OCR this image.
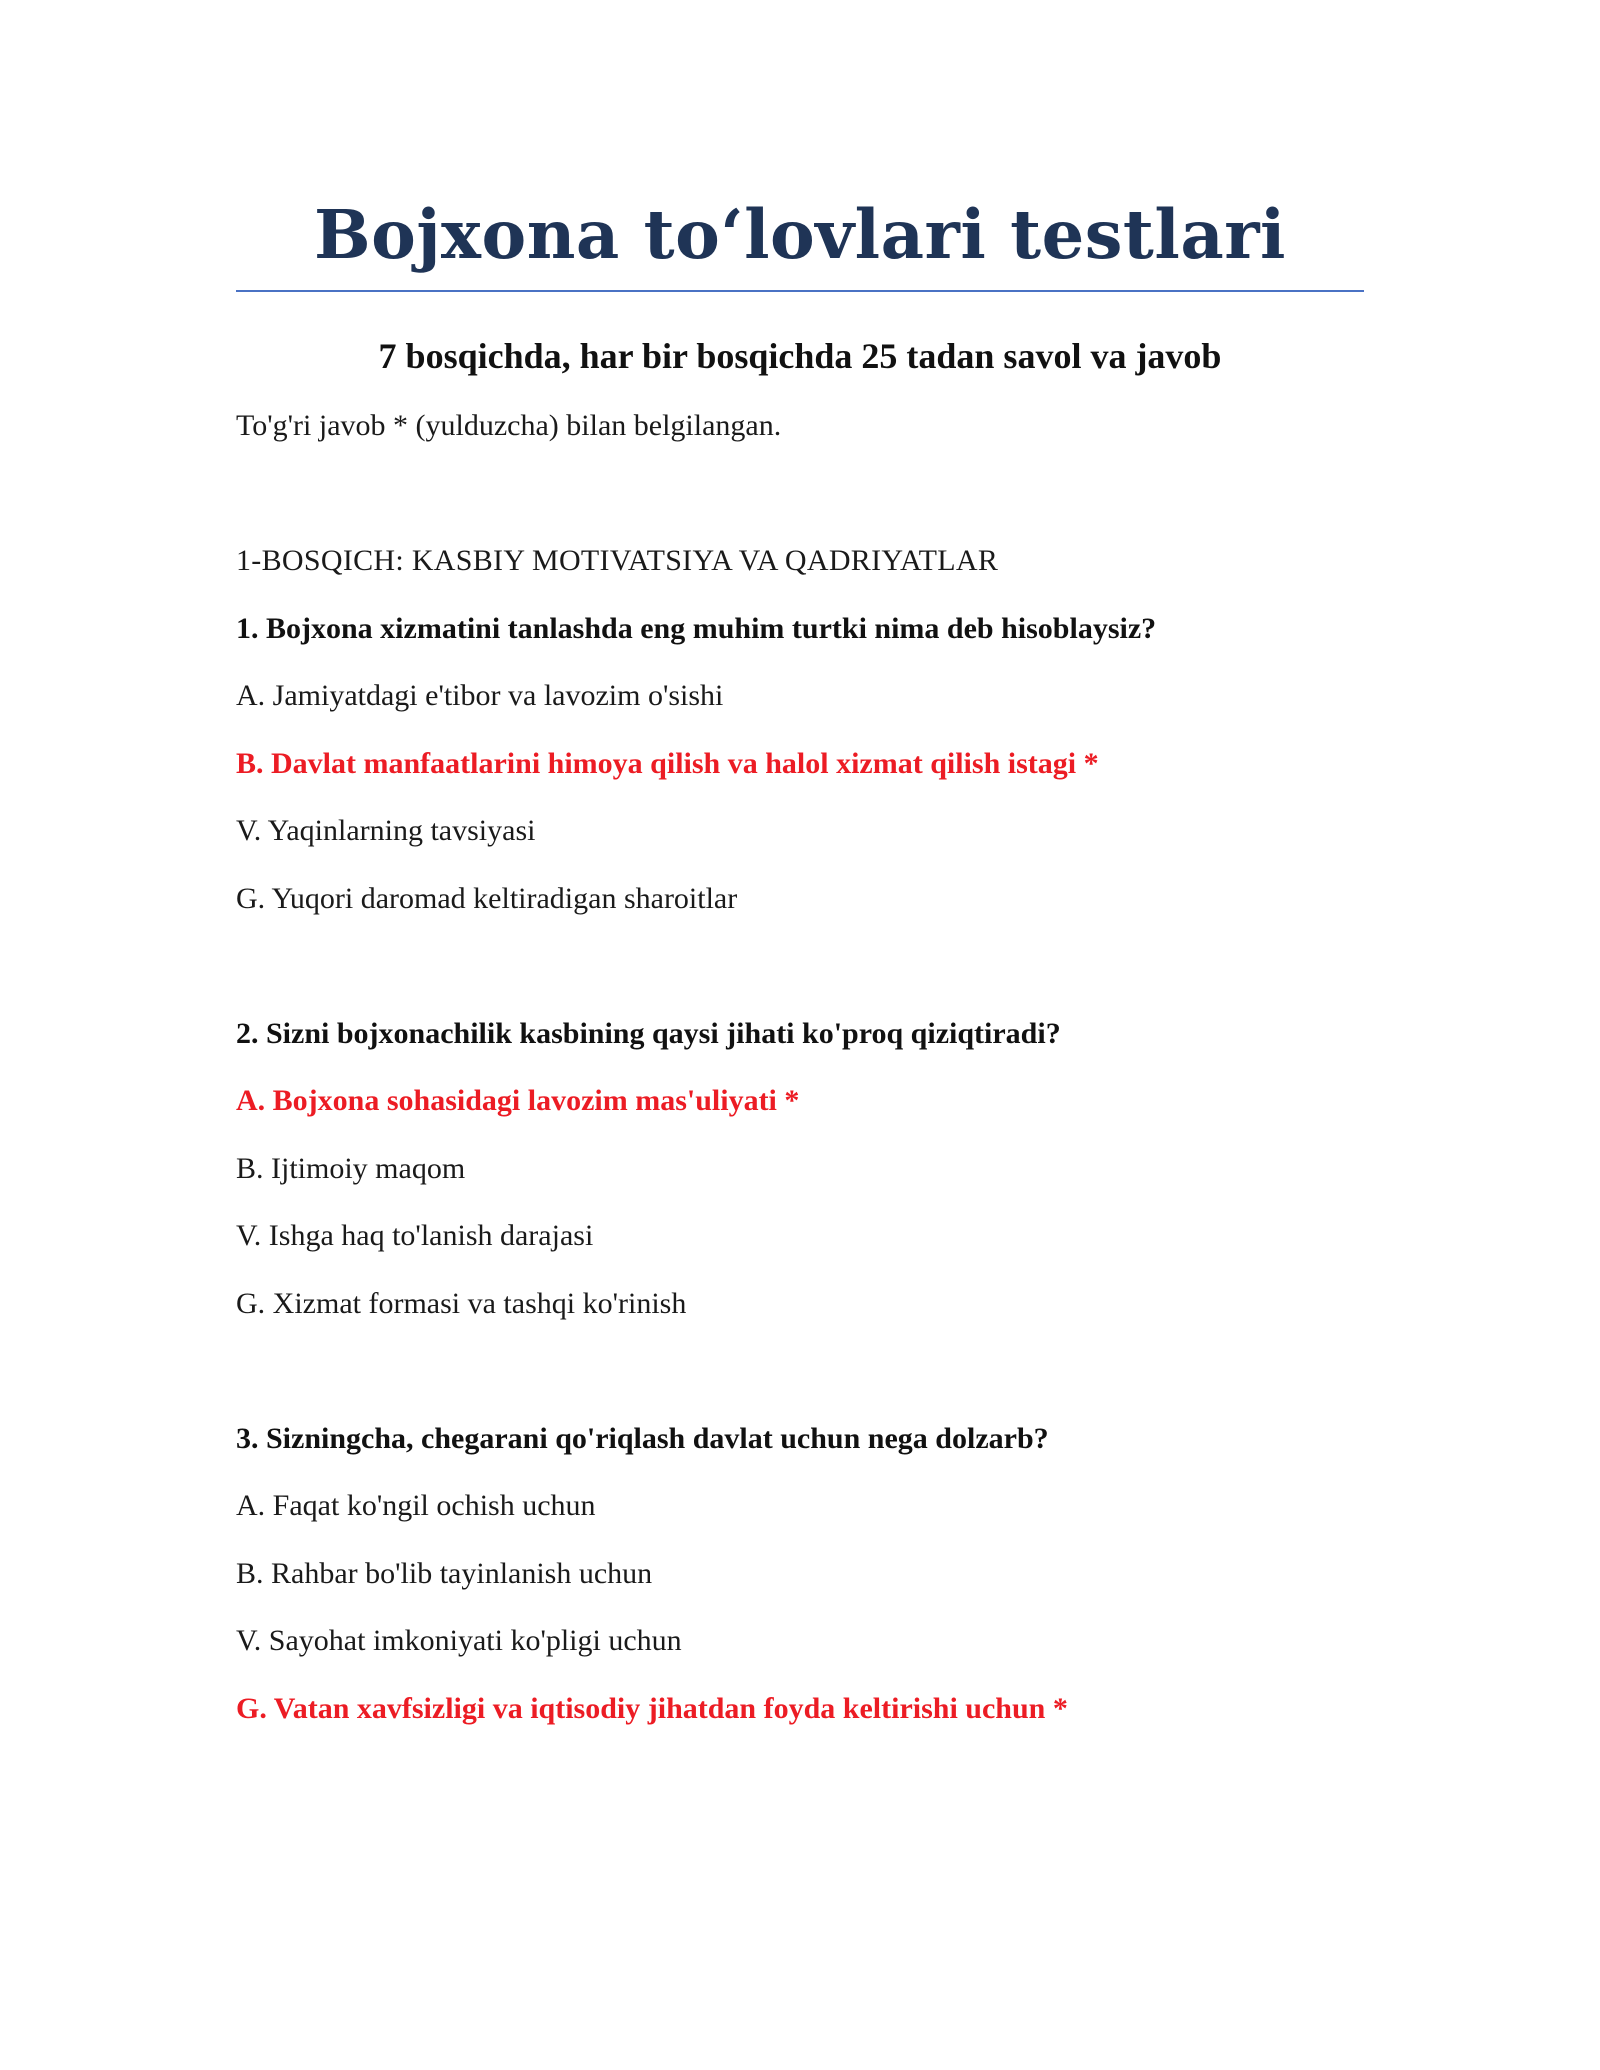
Bojxona to‘lovlari testlari
7 bosqichda, har bir bosqichda 25 tadan savol va javob
To'g'ri javob * (yulduzcha) bilan belgilangan.
1-BOSQICH: KASBIY MOTIVATSIYA VA QADRIYATLAR
1. Bojxona xizmatini tanlashda eng muhim turtki nima deb hisoblaysiz?
A. Jamiyatdagi e'tibor va lavozim o'sishi
B. Davlat manfaatlarini himoya qilish va halol xizmat qilish istagi *
V. Yaqinlarning tavsiyasi
G. Yuqori daromad keltiradigan sharoitlar
2. Sizni bojxonachilik kasbining qaysi jihati ko'proq qiziqtiradi?
A. Bojxona sohasidagi lavozim mas'uliyati *
B. Ijtimoiy maqom
V. Ishga haq to'lanish darajasi
G. Xizmat formasi va tashqi ko'rinish
3. Sizningcha, chegarani qo'riqlash davlat uchun nega dolzarb?
A. Faqat ko'ngil ochish uchun
B. Rahbar bo'lib tayinlanish uchun
V. Sayohat imkoniyati ko'pligi uchun
G. Vatan xavfsizligi va iqtisodiy jihatdan foyda keltirishi uchun *
